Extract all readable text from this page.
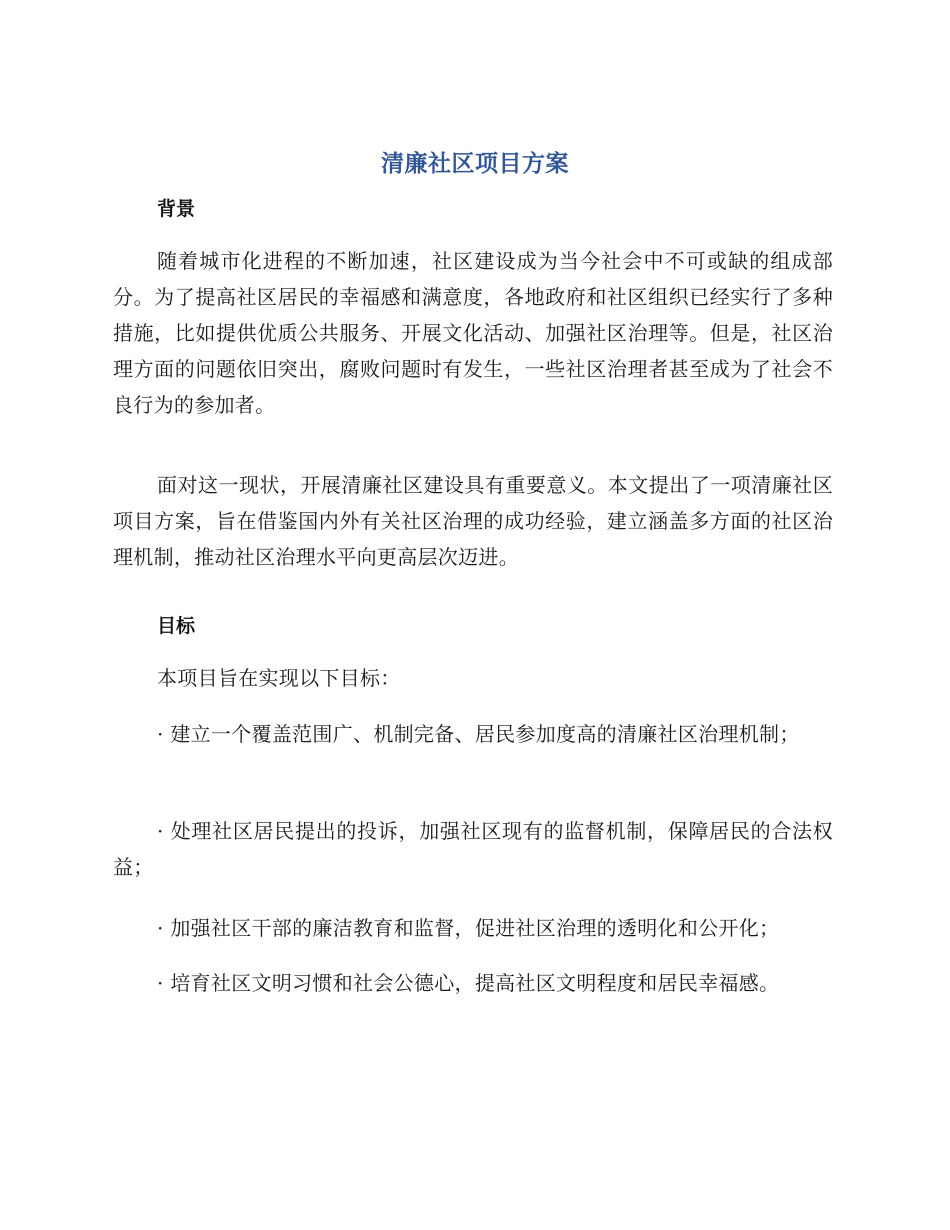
清廉社区项目方案
背景
随着城市化进程的不断加速，社区建设成为当今社会中不可或缺的组成部分。为了提高社区居民的幸福感和满意度，各地政府和社区组织已经实行了多种措施，比如提供优质公共服务、开展文化活动、加强社区治理等。但是，社区治理方面的问题依旧突出，腐败问题时有发生，一些社区治理者甚至成为了社会不良行为的参加者。
面对这一现状，开展清廉社区建设具有重要意义。本文提出了一项清廉社区项目方案，旨在借鉴国内外有关社区治理的成功经验，建立涵盖多方面的社区治理机制，推动社区治理水平向更高层次迈进。
目标
本项目旨在实现以下目标：
· 建立一个覆盖范围广、机制完备、居民参加度高的清廉社区治理机制；
· 处理社区居民提出的投诉，加强社区现有的监督机制，保障居民的合法权益；
· 加强社区干部的廉洁教育和监督，促进社区治理的透明化和公开化；
· 培育社区文明习惯和社会公德心，提高社区文明程度和居民幸福感。
